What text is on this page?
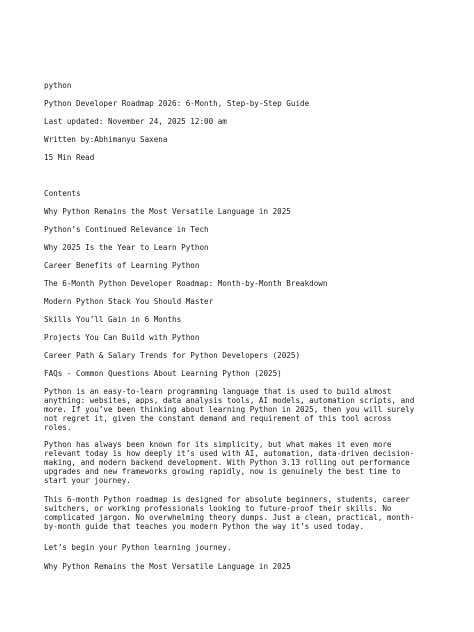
python
Python Developer Roadmap 2026: 6-Month, Step-by-Step Guide
Last updated: November 24, 2025 12:00 am
Written by:Abhimanyu Saxena
15 Min Read
Contents
Why Python Remains the Most Versatile Language in 2025
Python’s Continued Relevance in Tech
Why 2025 Is the Year to Learn Python
Career Benefits of Learning Python
The 6-Month Python Developer Roadmap: Month-by-Month Breakdown
Modern Python Stack You Should Master
Skills You’ll Gain in 6 Months
Projects You Can Build with Python
Career Path & Salary Trends for Python Developers (2025)
FAQs - Common Questions About Learning Python (2025)
Python is an easy-to-learn programming language that is used to build almost
anything: websites, apps, data analysis tools, AI models, automation scripts, and
more. If you’ve been thinking about learning Python in 2025, then you will surely
not regret it, given the constant demand and requirement of this tool across
roles.
Python has always been known for its simplicity, but what makes it even more
relevant today is how deeply it’s used with AI, automation, data-driven decision-
making, and modern backend development. With Python 3.13 rolling out performance
upgrades and new frameworks growing rapidly, now is genuinely the best time to
start your journey.
This 6-month Python roadmap is designed for absolute beginners, students, career
switchers, or working professionals looking to future-proof their skills. No
complicated jargon. No overwhelming theory dumps. Just a clean, practical, month-
by-month guide that teaches you modern Python the way it’s used today.
Let’s begin your Python learning journey.
Why Python Remains the Most Versatile Language in 2025
